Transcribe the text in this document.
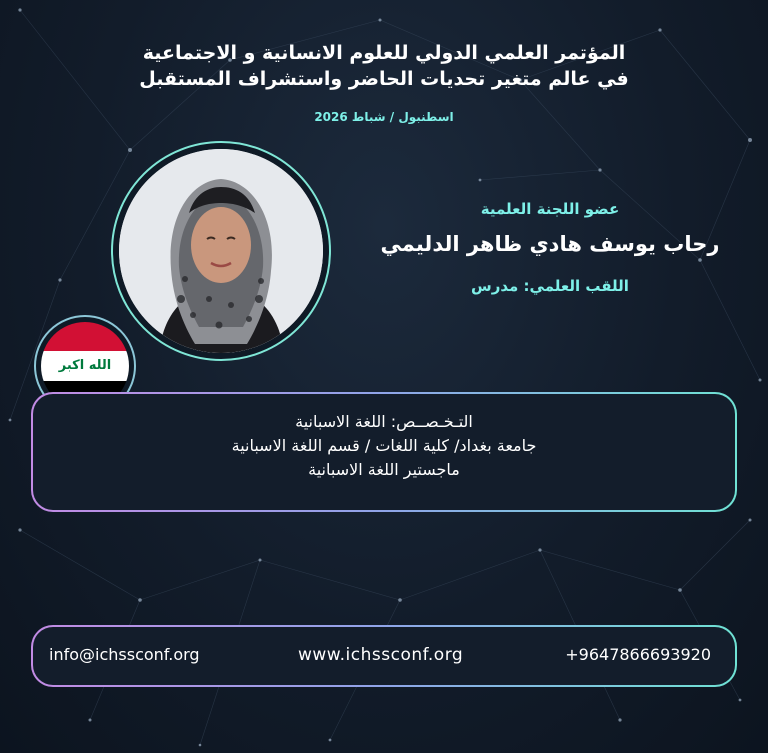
المؤتمر العلمي الدولي للعلوم الانسانية و الاجتماعية
في عالم متغير تحديات الحاضر واستشراف المستقبل
اسطنبول / شباط 2026
الله اكبر
عضو اللجنة العلمية
رحاب يوسف هادي ظاهر الدليمي
اللقب العلمي: مدرس
التـخـصــص: اللغة الاسبانية
جامعة بغداد/ كلية اللغات / قسم اللغة الاسبانية
ماجستير اللغة الاسبانية
info@ichssconf.org	www.ichssconf.org	+9647866693920
